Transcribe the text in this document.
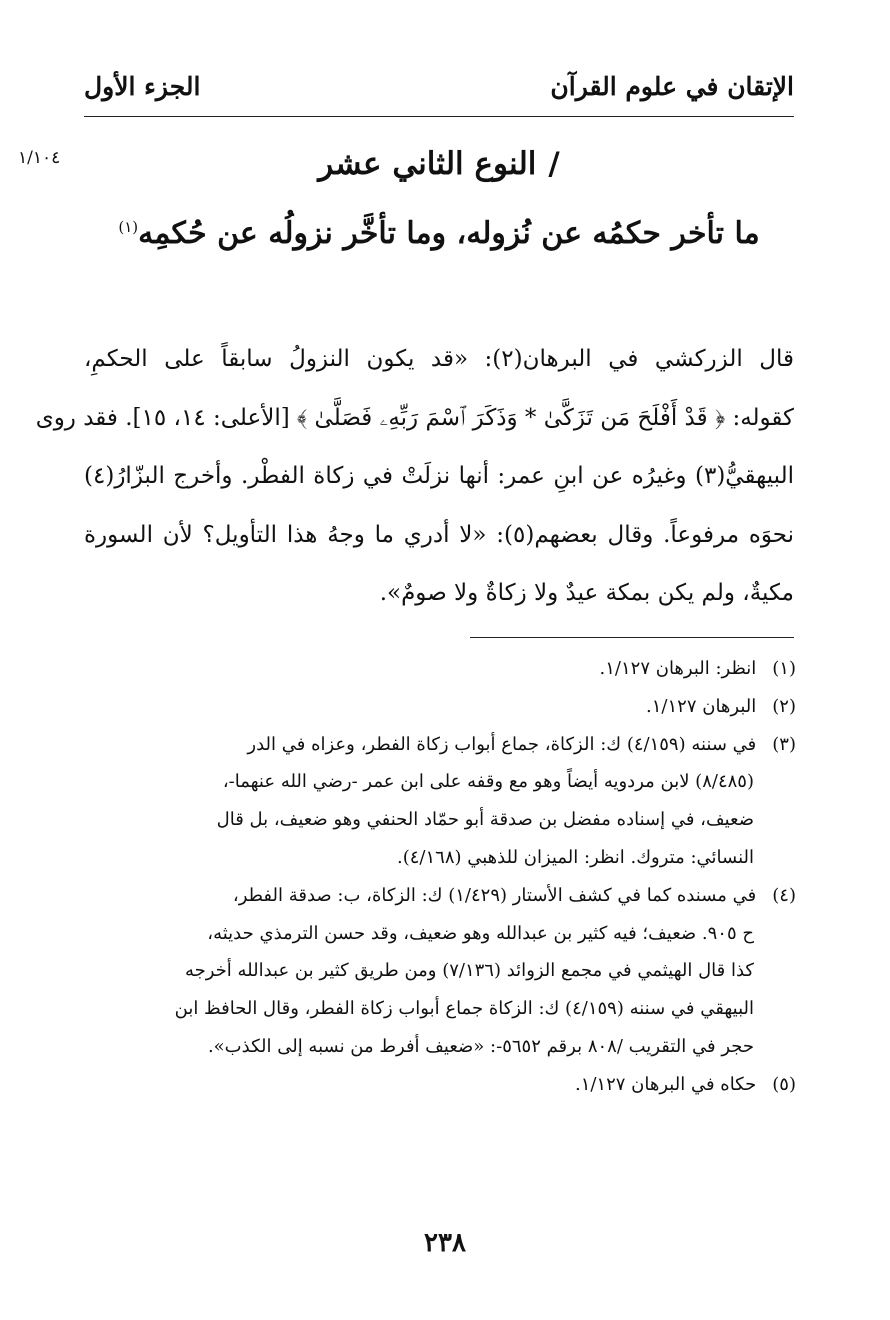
الإتقان في علوم القرآن
الجزء الأول
١/١٠٤	/النوع الثاني عشر
ما تأخر حكمُه عن نُزوله، وما تأخَّر نزولُه عن حُكمِه$^{(١)}$
قال الزركشي في البرهان(٢): «قد يكون النزولُ سابقاً على الحكمِ،
كقوله: ﴿ قَدْ أَفْلَحَ مَن تَزَكَّىٰ * وَذَكَرَ ٱسْمَ رَبِّهِۦ فَصَلَّىٰ ﴾ [الأعلى: ١٤، ١٥]. فقد روى
البيهقيُّ(٣) وغيرُه عن ابنِ عمر: أنها نزلَتْ في زكاة الفطْر. وأخرج البزّارُ(٤)
نحوَه مرفوعاً. وقال بعضهم(٥): «لا أدري ما وجهُ هذا التأويل؟ لأن السورة
مكيةٌ، ولم يكن بمكة عيدٌ ولا زكاةٌ ولا صومٌ».
(١) انظر: البرهان ١/١٢٧.
(٢) البرهان ١/١٢٧.
(٣) في سننه (٤/١٥٩) ك: الزكاة، جماع أبواب زكاة الفطر، وعزاه في الدر
(٨/٤٨٥) لابن مردويه أيضاً وهو مع وقفه على ابن عمر -رضي الله عنهما-،
ضعيف، في إسناده مفضل بن صدقة أبو حمّاد الحنفي وهو ضعيف، بل قال
النسائي: متروك. انظر: الميزان للذهبي (٤/١٦٨).
(٤) في مسنده كما في كشف الأستار (١/٤٢٩) ك: الزكاة، ب: صدقة الفطر،
ح ٩٠٥. ضعيف؛ فيه كثير بن عبدالله وهو ضعيف، وقد حسن الترمذي حديثه،
كذا قال الهيثمي في مجمع الزوائد (٧/١٣٦) ومن طريق كثير بن عبدالله أخرجه
البيهقي في سننه (٤/١٥٩) ك: الزكاة جماع أبواب زكاة الفطر، وقال الحافظ ابن
حجر في التقريب /٨٠٨ برقم ٥٦٥٢-: «ضعيف أفرط من نسبه إلى الكذب».
(٥) حكاه في البرهان ١/١٢٧.
٢٣٨
